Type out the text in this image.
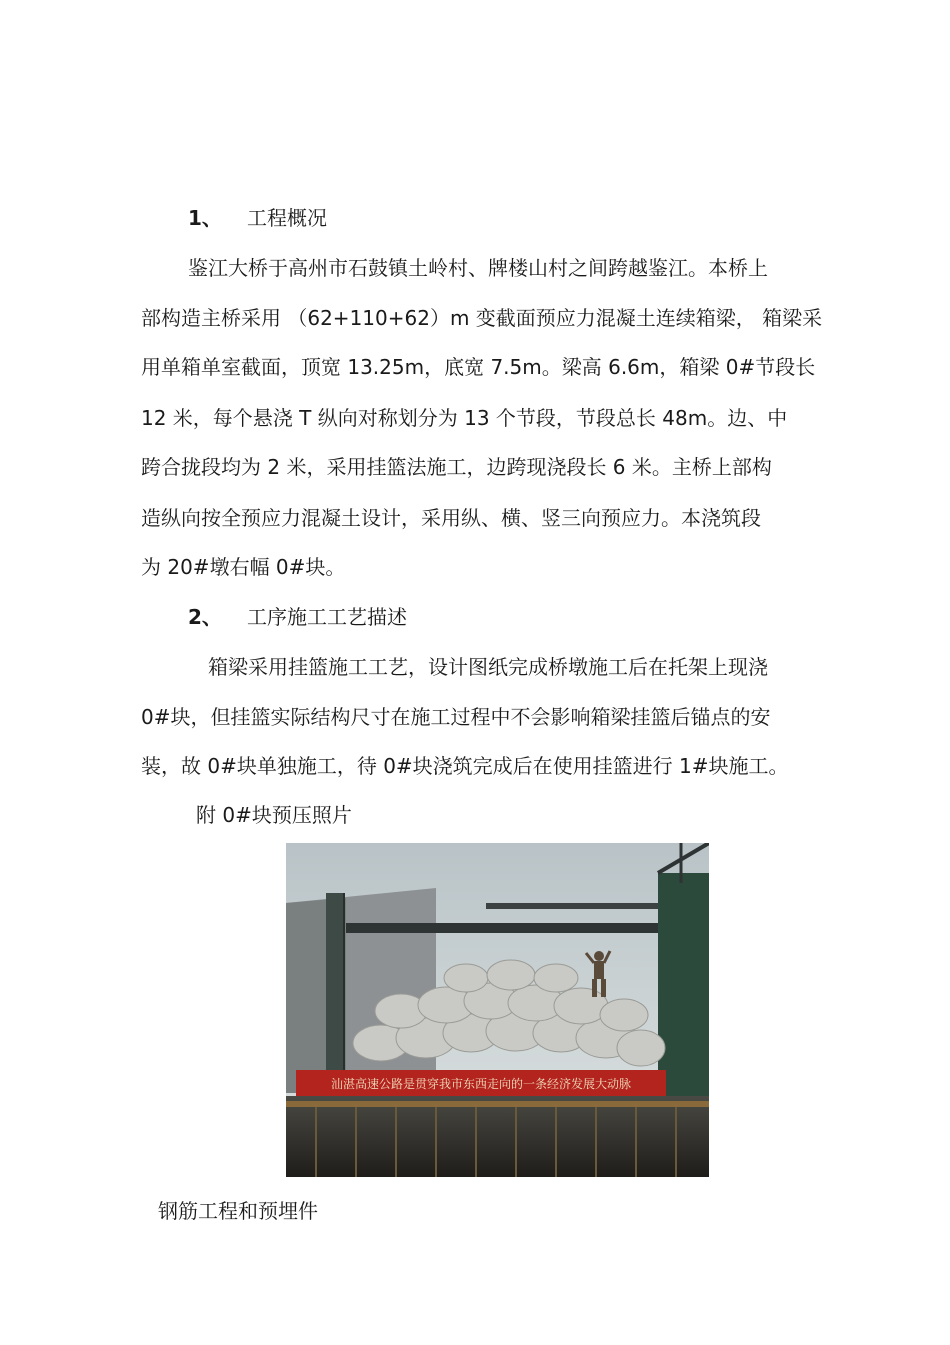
1、 工程概况
鉴江大桥于高州市石鼓镇土岭村、牌楼山村之间跨越鉴江。本桥上
部构造主桥采用 （62+110+62）m 变截面预应力混凝土连续箱梁， 箱梁采
用单箱单室截面，顶宽 13.25m，底宽 7.5m。梁高 6.6m，箱梁 0#节段长
12 米，每个悬浇 T 纵向对称划分为 13 个节段，节段总长 48m。边、中
跨合拢段均为 2 米，采用挂篮法施工，边跨现浇段长 6 米。主桥上部构
造纵向按全预应力混凝土设计，采用纵、横、竖三向预应力。本浇筑段
为 20#墩右幅 0#块。
2、 工序施工工艺描述
箱梁采用挂篮施工工艺，设计图纸完成桥墩施工后在托架上现浇
0#块，但挂篮实际结构尺寸在施工过程中不会影响箱梁挂篮后锚点的安
装，故 0#块单独施工，待 0#块浇筑完成后在使用挂篮进行 1#块施工。
附 0#块预压照片
汕湛高速公路是贯穿我市东西走向的一条经济发展大动脉
钢筋工程和预埋件
